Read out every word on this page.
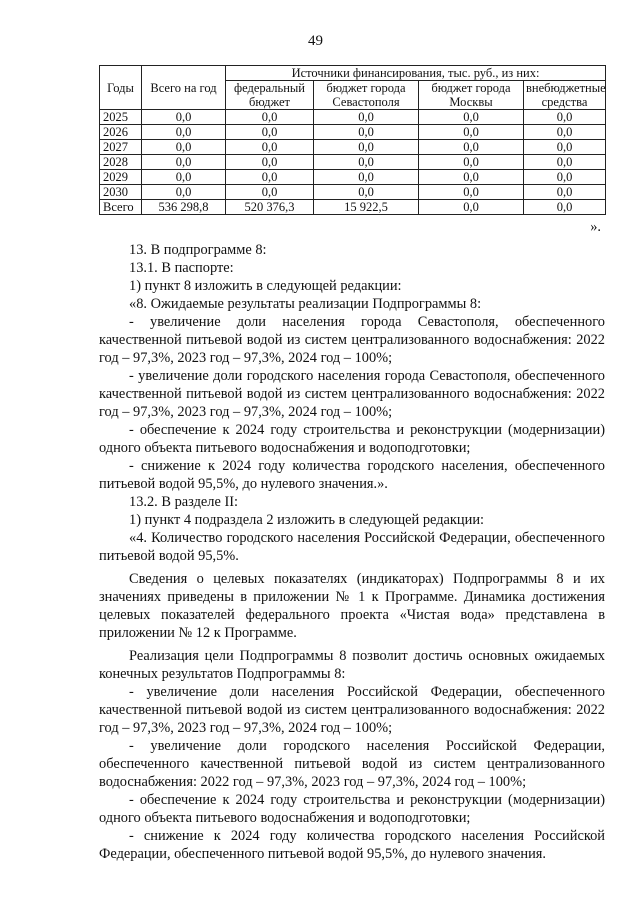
49
Годы	Всего на год	Источники финансирования, тыс. руб., из них:			
		федеральный бюджет	бюджет города Севастополя	бюджет города Москвы	внебюджетные средства
2025	0,0	0,0	0,0	0,0	0,0
2026	0,0	0,0	0,0	0,0	0,0
2027	0,0	0,0	0,0	0,0	0,0
2028	0,0	0,0	0,0	0,0	0,0
2029	0,0	0,0	0,0	0,0	0,0
2030	0,0	0,0	0,0	0,0	0,0
Всего	536 298,8	520 376,3	15 922,5	0,0	0,0
».

13. В подпрограмме 8:

13.1. В паспорте:

1) пункт 8 изложить в следующей редакции:

«8. Ожидаемые результаты реализации Подпрограммы 8:

- увеличение доли населения города Севастополя, обеспеченного качественной питьевой водой из систем централизованного водоснабжения: 2022 год – 97,3%, 2023 год – 97,3%, 2024 год – 100%;

- увеличение доли городского населения города Севастополя, обеспеченного качественной питьевой водой из систем централизованного водоснабжения: 2022 год – 97,3%, 2023 год – 97,3%, 2024 год – 100%;

- обеспечение к 2024 году строительства и реконструкции (модернизации) одного объекта питьевого водоснабжения и водоподготовки;

- снижение к 2024 году количества городского населения, обеспеченного питьевой водой 95,5%, до нулевого значения.».

13.2. В разделе II:

1) пункт 4 подраздела 2 изложить в следующей редакции:

«4. Количество городского населения Российской Федерации, обеспеченного питьевой водой 95,5%.

Сведения о целевых показателях (индикаторах) Подпрограммы 8 и их значениях приведены в приложении № 1 к Программе. Динамика достижения целевых показателей федерального проекта «Чистая вода» представлена в приложении № 12 к Программе.

Реализация цели Подпрограммы 8 позволит достичь основных ожидаемых конечных результатов Подпрограммы 8:

- увеличение доли населения Российской Федерации, обеспеченного качественной питьевой водой из систем централизованного водоснабжения: 2022 год – 97,3%, 2023 год – 97,3%, 2024 год – 100%;

- увеличение доли городского населения Российской Федерации, обеспеченного качественной питьевой водой из систем централизованного водоснабжения: 2022 год – 97,3%, 2023 год – 97,3%, 2024 год – 100%;

- обеспечение к 2024 году строительства и реконструкции (модернизации) одного объекта питьевого водоснабжения и водоподготовки;

- снижение к 2024 году количества городского населения Российской Федерации, обеспеченного питьевой водой 95,5%, до нулевого значения.
